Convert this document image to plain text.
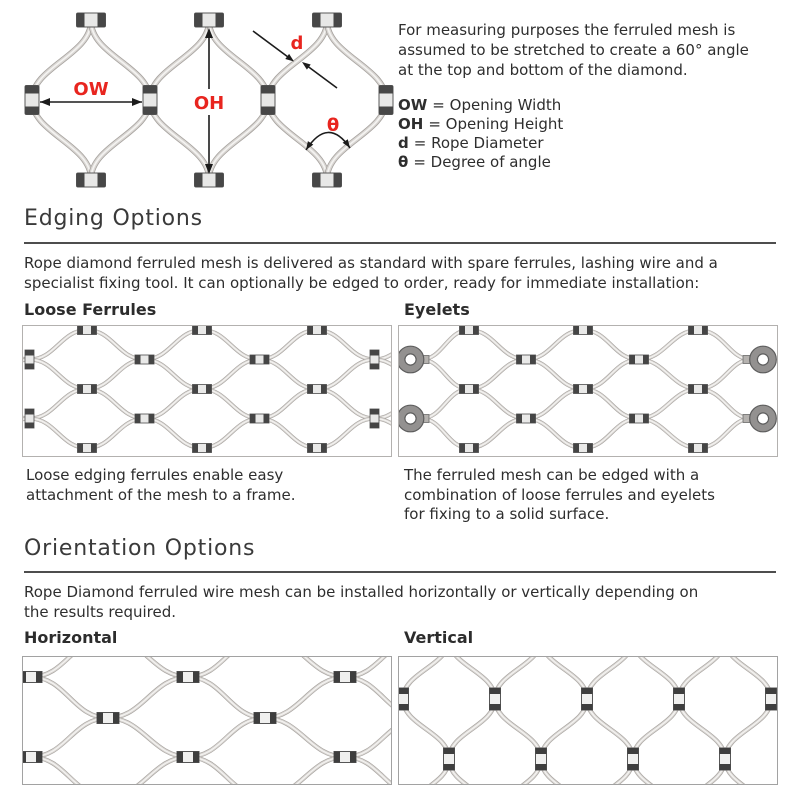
OW
OH
d
θ
For measuring purposes the ferruled mesh is assumed to be stretched to create a 60° angle at the top and bottom of the diamond.
OW = Opening Width
OH = Opening Height
d = Rope Diameter
θ = Degree of angle
Edging Options
Rope diamond ferruled mesh is delivered as standard with spare ferrules, lashing wire and a specialist fixing tool. It can optionally be edged to order, ready for immediate installation:
Loose Ferrules	Eyelets
Loose edging ferrules enable easy attachment of the mesh to a frame.
The ferruled mesh can be edged with a combination of loose ferrules and eyelets for fixing to a solid surface.
Orientation Options
Rope Diamond ferruled wire mesh can be installed horizontally or vertically depending on the results required.
Horizontal	Vertical
